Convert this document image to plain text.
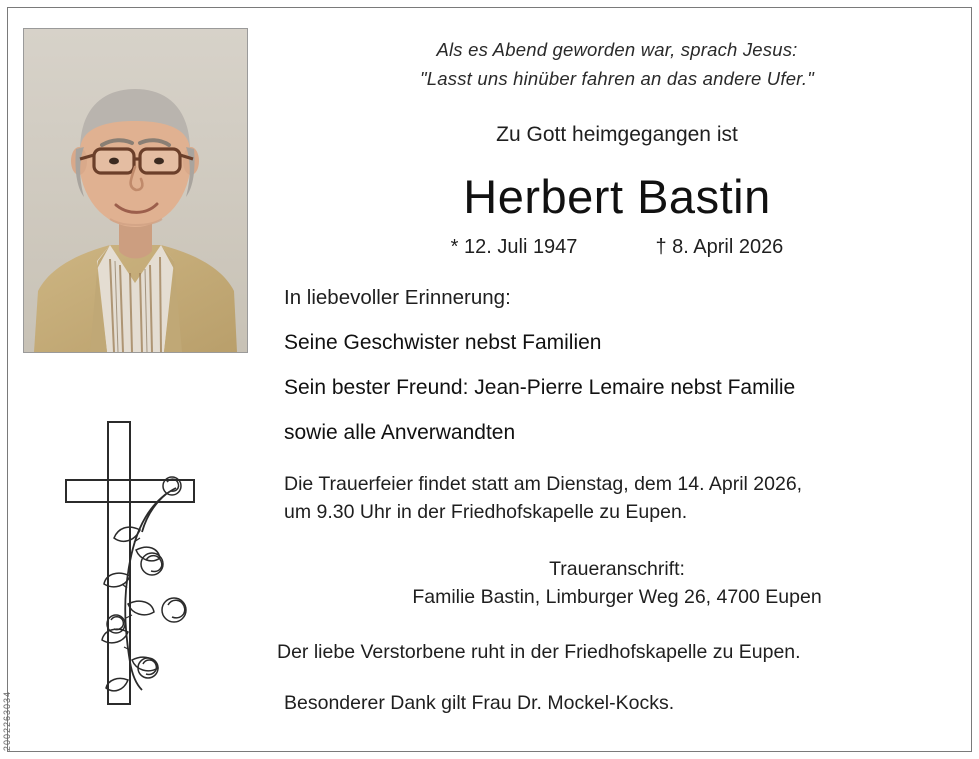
2002263034
Als es Abend geworden war, sprach Jesus:
"Lasst uns hinüber fahren an das andere Ufer."
Zu Gott heimgegangen ist
Herbert Bastin
* 12. Juli 1947	† 8. April 2026
In liebevoller Erinnerung:
Seine Geschwister nebst Familien
Sein bester Freund: Jean-Pierre Lemaire nebst Familie
sowie alle Anverwandten
Die Trauerfeier findet statt am Dienstag, dem 14. April 2026,
um 9.30 Uhr in der Friedhofskapelle zu Eupen.
Traueranschrift:
Familie Bastin, Limburger Weg 26, 4700 Eupen
Der liebe Verstorbene ruht in der Friedhofskapelle zu Eupen.
Besonderer Dank gilt Frau Dr. Mockel-Kocks.
